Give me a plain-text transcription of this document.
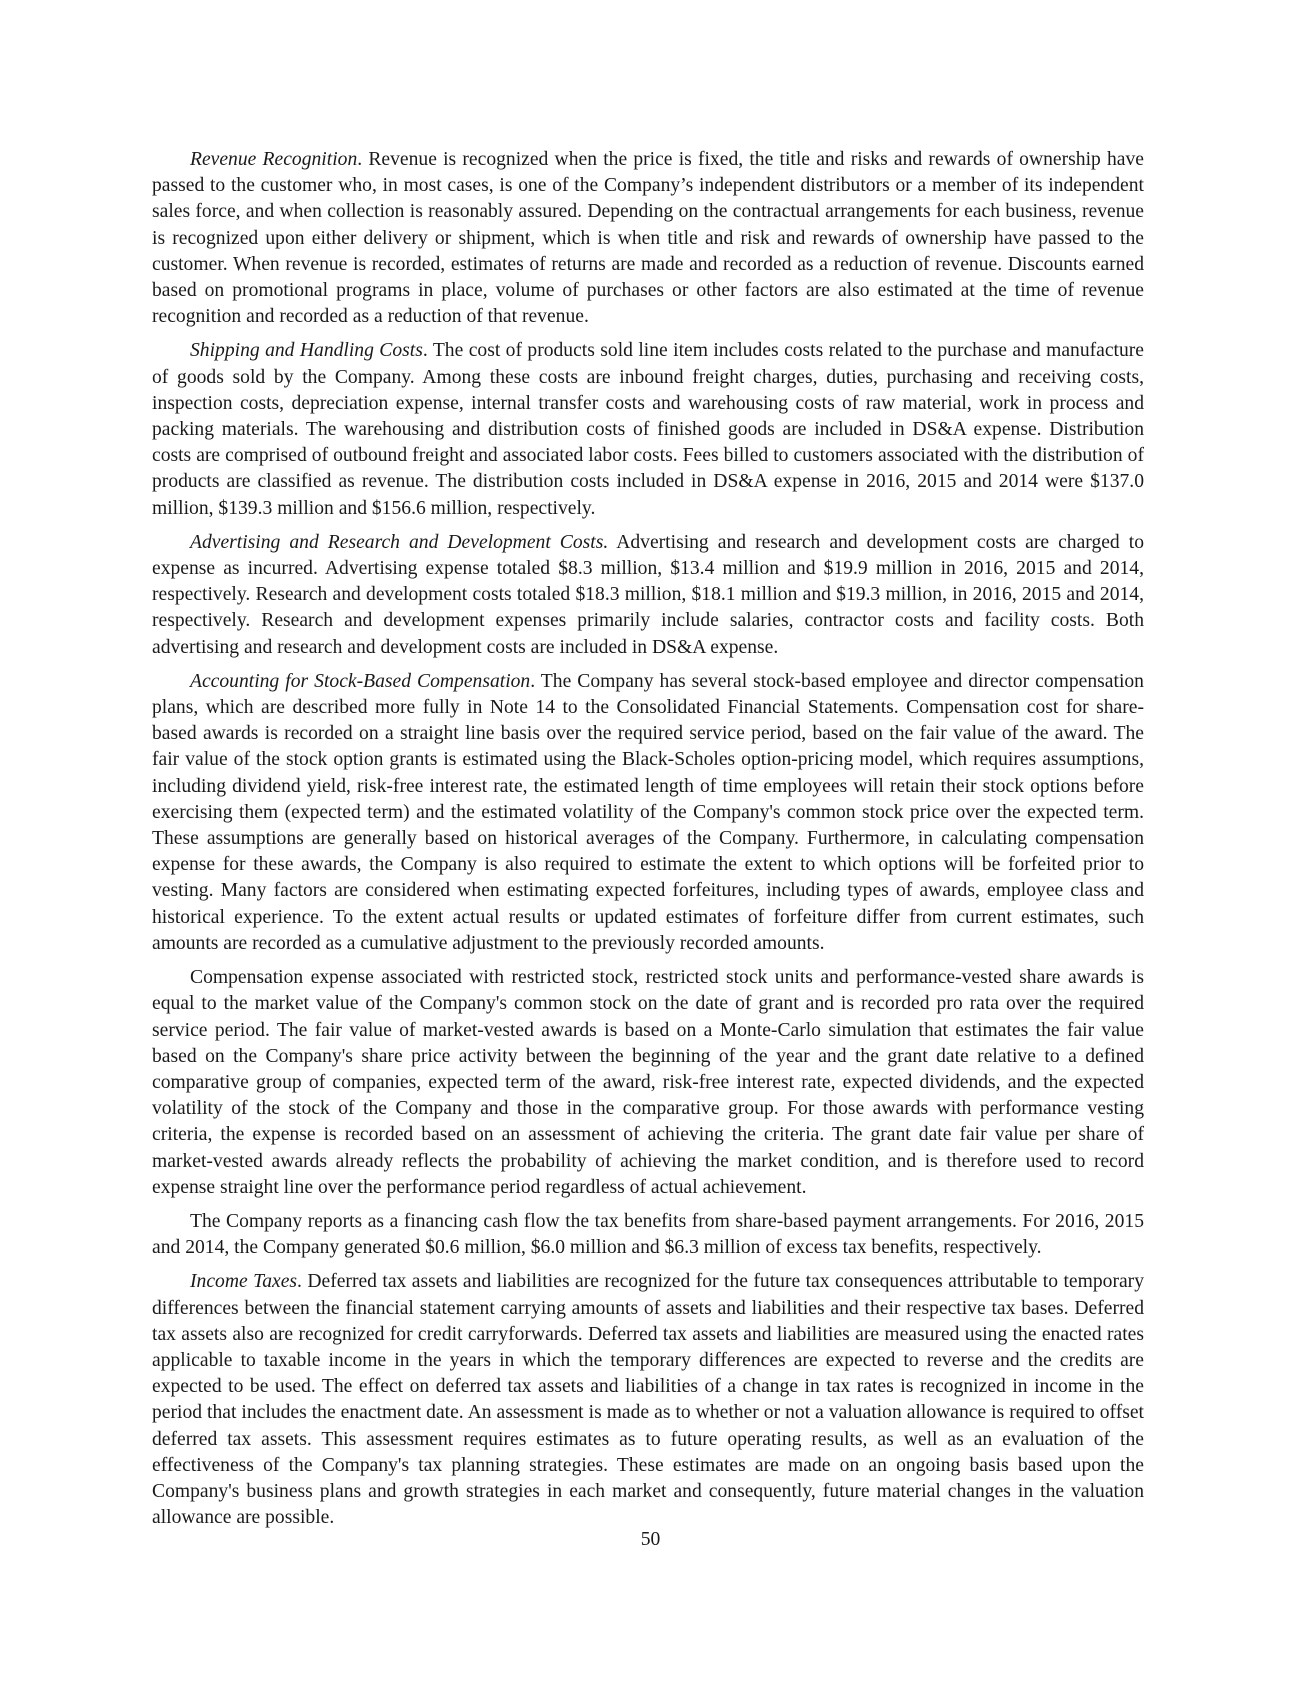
Revenue Recognition. Revenue is recognized when the price is fixed, the title and risks and rewards of ownership have passed to the customer who, in most cases, is one of the Company’s independent distributors or a member of its independent sales force, and when collection is reasonably assured. Depending on the contractual arrangements for each business, revenue is recognized upon either delivery or shipment, which is when title and risk and rewards of ownership have passed to the customer. When revenue is recorded, estimates of returns are made and recorded as a reduction of revenue. Discounts earned based on promotional programs in place, volume of purchases or other factors are also estimated at the time of revenue recognition and recorded as a reduction of that revenue.

Shipping and Handling Costs. The cost of products sold line item includes costs related to the purchase and manufacture of goods sold by the Company. Among these costs are inbound freight charges, duties, purchasing and receiving costs, inspection costs, depreciation expense, internal transfer costs and warehousing costs of raw material, work in process and packing materials. The warehousing and distribution costs of finished goods are included in DS&A expense. Distribution costs are comprised of outbound freight and associated labor costs. Fees billed to customers associated with the distribution of products are classified as revenue. The distribution costs included in DS&A expense in 2016, 2015 and 2014 were $137.0 million, $139.3 million and $156.6 million, respectively.

Advertising and Research and Development Costs. Advertising and research and development costs are charged to expense as incurred. Advertising expense totaled $8.3 million, $13.4 million and $19.9 million in 2016, 2015 and 2014, respectively. Research and development costs totaled $18.3 million, $18.1 million and $19.3 million, in 2016, 2015 and 2014, respectively. Research and development expenses primarily include salaries, contractor costs and facility costs. Both advertising and research and development costs are included in DS&A expense.

Accounting for Stock-Based Compensation. The Company has several stock-based employee and director compensation plans, which are described more fully in Note 14 to the Consolidated Financial Statements. Compensation cost for share-based awards is recorded on a straight line basis over the required service period, based on the fair value of the award. The fair value of the stock option grants is estimated using the Black-Scholes option-pricing model, which requires assumptions, including dividend yield, risk-free interest rate, the estimated length of time employees will retain their stock options before exercising them (expected term) and the estimated volatility of the Company's common stock price over the expected term. These assumptions are generally based on historical averages of the Company. Furthermore, in calculating compensation expense for these awards, the Company is also required to estimate the extent to which options will be forfeited prior to vesting. Many factors are considered when estimating expected forfeitures, including types of awards, employee class and historical experience. To the extent actual results or updated estimates of forfeiture differ from current estimates, such amounts are recorded as a cumulative adjustment to the previously recorded amounts.

Compensation expense associated with restricted stock, restricted stock units and performance-vested share awards is equal to the market value of the Company's common stock on the date of grant and is recorded pro rata over the required service period. The fair value of market-vested awards is based on a Monte-Carlo simulation that estimates the fair value based on the Company's share price activity between the beginning of the year and the grant date relative to a defined comparative group of companies, expected term of the award, risk-free interest rate, expected dividends, and the expected volatility of the stock of the Company and those in the comparative group. For those awards with performance vesting criteria, the expense is recorded based on an assessment of achieving the criteria. The grant date fair value per share of market-vested awards already reflects the probability of achieving the market condition, and is therefore used to record expense straight line over the performance period regardless of actual achievement.

The Company reports as a financing cash flow the tax benefits from share-based payment arrangements. For 2016, 2015 and 2014, the Company generated $0.6 million, $6.0 million and $6.3 million of excess tax benefits, respectively.

Income Taxes. Deferred tax assets and liabilities are recognized for the future tax consequences attributable to temporary differences between the financial statement carrying amounts of assets and liabilities and their respective tax bases. Deferred tax assets also are recognized for credit carryforwards. Deferred tax assets and liabilities are measured using the enacted rates applicable to taxable income in the years in which the temporary differences are expected to reverse and the credits are expected to be used. The effect on deferred tax assets and liabilities of a change in tax rates is recognized in income in the period that includes the enactment date. An assessment is made as to whether or not a valuation allowance is required to offset deferred tax assets. This assessment requires estimates as to future operating results, as well as an evaluation of the effectiveness of the Company's tax planning strategies. These estimates are made on an ongoing basis based upon the Company's business plans and growth strategies in each market and consequently, future material changes in the valuation allowance are possible.

50
